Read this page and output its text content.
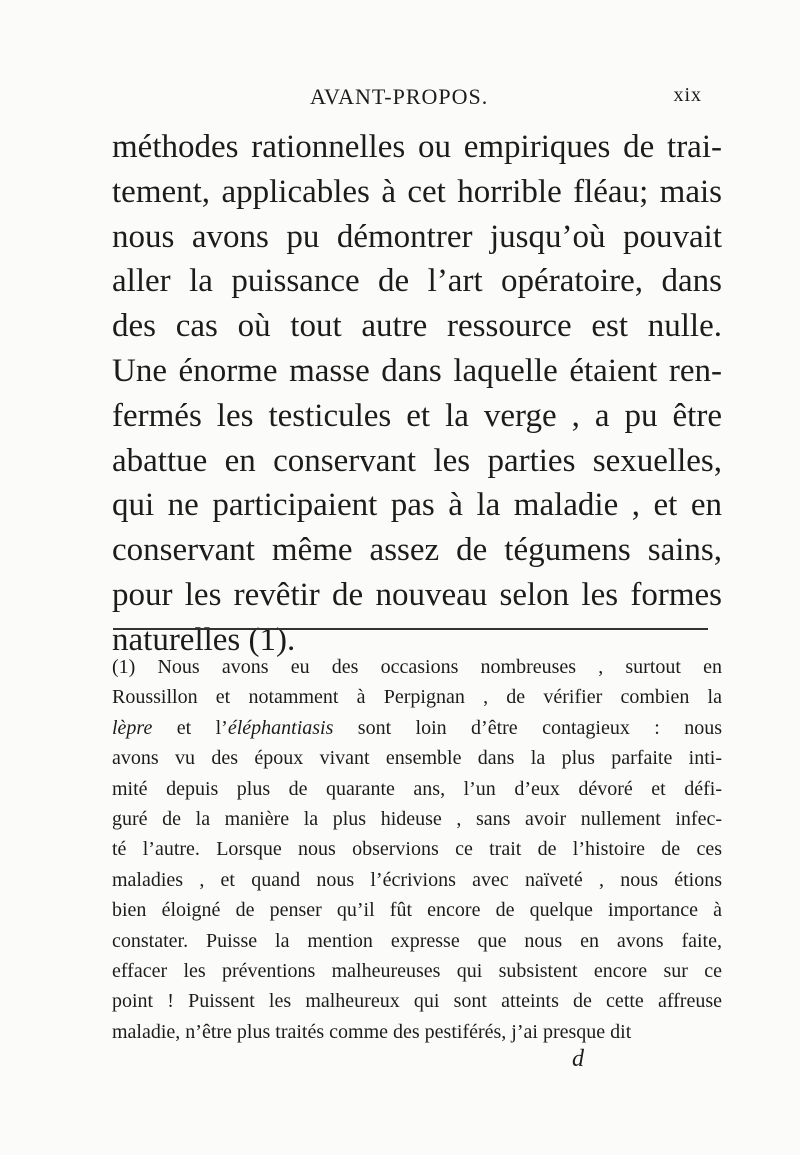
AVANT-PROPOS.	xix
méthodes rationnelles ou empiriques de trai-
tement, applicables à cet horrible fléau; mais
nous avons pu démontrer jusqu’où pouvait
aller la puissance de l’art opératoire, dans
des cas où tout autre ressource est nulle.
Une énorme masse dans laquelle étaient ren-
fermés les testicules et la verge , a pu être
abattue en conservant les parties sexuelles,
qui ne participaient pas à la maladie , et en
conservant même assez de tégumens sains,
pour les revêtir de nouveau selon les formes
naturelles (1).
(1) Nous avons eu des occasions nombreuses , surtout en
Roussillon et notamment à Perpignan , de vérifier combien la
lèpre et l’éléphantiasis sont loin d’être contagieux : nous
avons vu des époux vivant ensemble dans la plus parfaite inti-
mité depuis plus de quarante ans, l’un d’eux dévoré et défi-
guré de la manière la plus hideuse , sans avoir nullement infec-
té l’autre. Lorsque nous observions ce trait de l’histoire de ces
maladies , et quand nous l’écrivions avec naïveté , nous étions
bien éloigné de penser qu’il fût encore de quelque importance à
constater. Puisse la mention expresse que nous en avons faite,
effacer les préventions malheureuses qui subsistent encore sur ce
point ! Puissent les malheureux qui sont atteints de cette affreuse
maladie, n’être plus traités comme des pestiférés, j’ai presque dit
d
